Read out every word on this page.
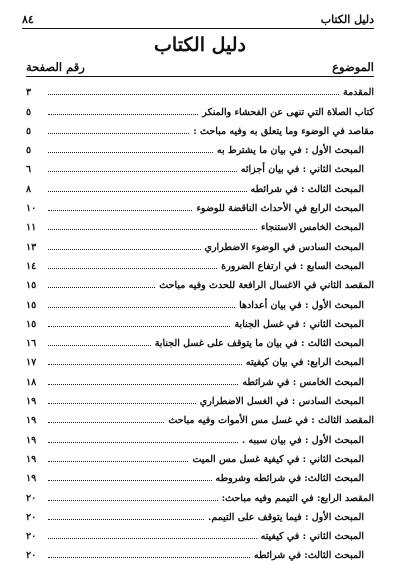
دليل الكتاب
٨٤
دليل الكتاب
الموضوع
رقم الصفحة
المقدمة
٣
كتاب الصلاة التي تنهى عن الفحشاء والمنكر
٥
مقاصد في الوضوء وما يتعلق به وفيه مباحث :
٥
المبحث الأول : في بيان ما يشترط به
٥
المبحث الثاني : في بيان أجزائه
٦
المبحث الثالث : في شرائطه
٨
المبحث الرابع في الأحداث الناقضة للوضوء
١٠
المبحث الخامس الاستنجاء
١١
المبحث السادس في الوضوء الاضطراري
١٣
المبحث السابع : في ارتفاع الضرورة
١٤
المقصد الثاني في الاغسال الرافعة للحدث وفيه مباحث
١٥
المبحث الأول : في بيان أعدادها
١٥
المبحث الثاني : في غسل الجنابة
١٥
المبحث الثالث : في بيان ما يتوقف على غسل الجنابة
١٦
المبحث الرابع: في بيان كيفيته
١٧
المبحث الخامس : في شرائطه
١٨
المبحث السادس : في الغسل الاضطراري
١٩
المقصد الثالث : في غسل مس الأموات وفيه مباحث
١٩
المبحث الأول : في بيان سببه .
١٩
المبحث الثاني : في كيفية غسل مس الميت
١٩
المبحث الثالث: في شرائطه وشروطه
١٩
المقصد الرابع: في التيمم وفيه مباحث:
٢٠
المبحث الأول : فيما يتوقف على التيمم.
٢٠
المبحث الثاني : في كيفيته
٢٠
المبحث الثالث: في شرائطه
٢٠
